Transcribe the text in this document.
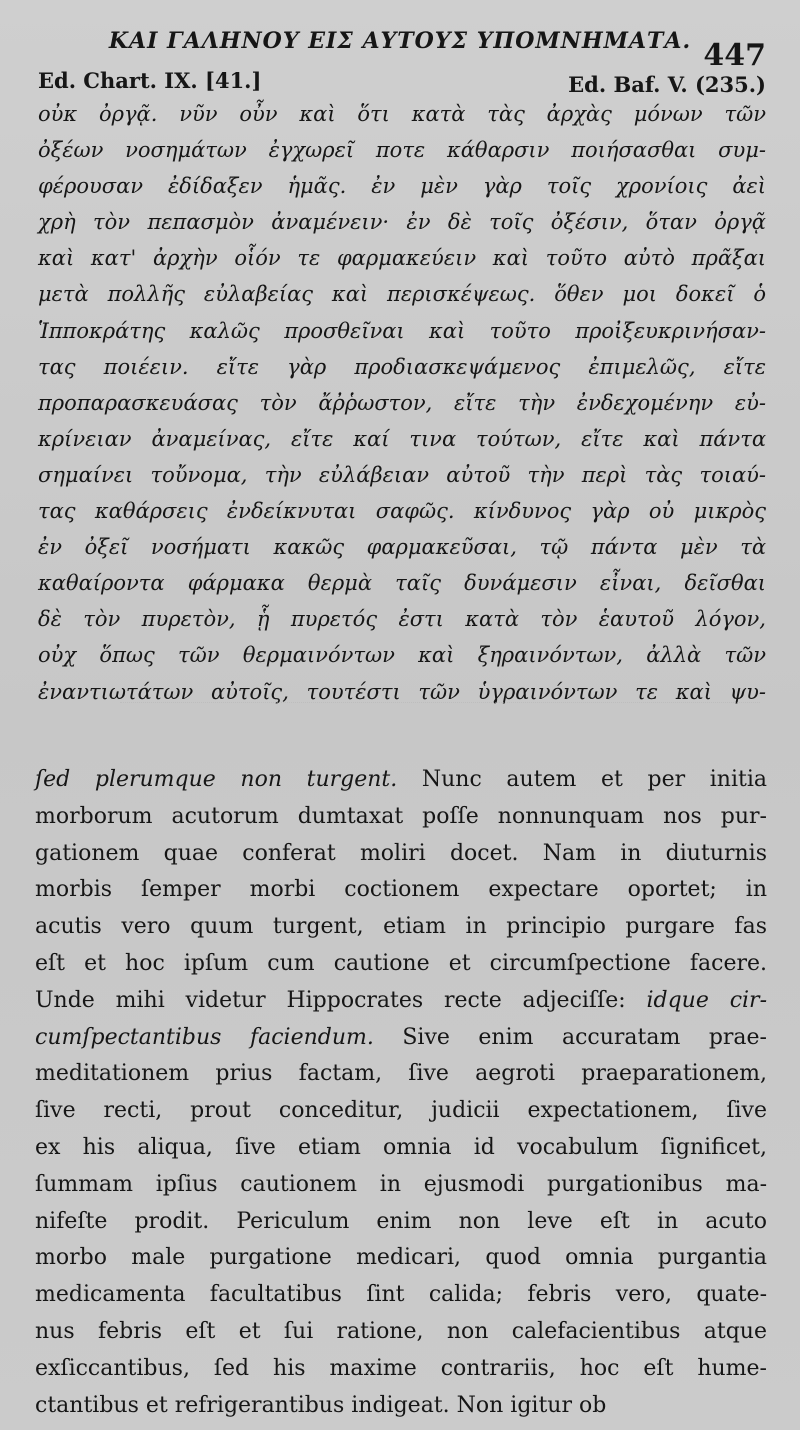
ΚΑΙ ΓΑΛΗΝΟΥ ΕΙΣ ΑΥΤΟΥΣ ΥΠΟΜΝΗΜΑΤΑ. 447
Ed. Chart. IX. [41.]	Ed. Baf. V. (235.)
οὐκ ὀργᾷ. νῦν οὖν καὶ ὅτι κατὰ τὰς ἀρχὰς μόνων τῶν
ὀξέων νοσημάτων ἐγχωρεῖ ποτε κάθαρσιν ποιήσασθαι συμ-
φέρουσαν ἐδίδαξεν ἡμᾶς. ἐν μὲν γὰρ τοῖς χρονίοις ἀεὶ
χρὴ τὸν πεπασμὸν ἀναμένειν· ἐν δὲ τοῖς ὀξέσιν, ὅταν ὀργᾷ
καὶ κατ' ἀρχὴν οἷόν τε φαρμακεύειν καὶ τοῦτο αὐτὸ πρᾶξαι
μετὰ πολλῆς εὐλαβείας καὶ περισκέψεως. ὅθεν μοι δοκεῖ ὁ
Ἱπποκράτης καλῶς προσθεῖναι καὶ τοῦτο προἰξευκρινήσαν-
τας ποιέειν. εἴτε γὰρ προδιασκεψάμενος ἐπιμελῶς, εἴτε
προπαρασκευάσας τὸν ἄῤῥωστον, εἴτε τὴν ἐνδεχομένην εὐ-
κρίνειαν ἀναμείνας, εἴτε καί τινα τούτων, εἴτε καὶ πάντα
σημαίνει τοὔνομα, τὴν εὐλάβειαν αὐτοῦ τὴν περὶ τὰς τοιαύ-
τας καθάρσεις ἐνδείκνυται σαφῶς. κίνδυνος γὰρ οὐ μικρὸς
ἐν ὀξεῖ νοσήματι κακῶς φαρμακεῦσαι, τῷ πάντα μὲν τὰ
καθαίροντα φάρμακα θερμὰ ταῖς δυνάμεσιν εἶναι, δεῖσθαι
δὲ τὸν πυρετὸν, ᾗ πυρετός ἐστι κατὰ τὸν ἑαυτοῦ λόγον,
οὐχ ὅπως τῶν θερμαινόντων καὶ ξηραινόντων, ἀλλὰ τῶν
ἐναντιωτάτων αὐτοῖς, τουτέστι τῶν ὑγραινόντων τε καὶ ψυ-
ſed plerumque non turgent. Nunc autem et per initia
morborum acutorum dumtaxat poſſe nonnunquam nos pur-
gationem quae conferat moliri docet. Nam in diuturnis
morbis ſemper morbi coctionem expectare oportet; in
acutis vero quum turgent, etiam in principio purgare fas
eſt et hoc ipſum cum cautione et circumſpectione facere.
Unde mihi videtur Hippocrates recte adjeciſſe: idque cir-
cumſpectantibus faciendum. Sive enim accuratam prae-
meditationem prius factam, ſive aegroti praeparationem,
ſive recti, prout conceditur, judicii expectationem, ſive
ex his aliqua, ſive etiam omnia id vocabulum ſignificet,
ſummam ipſius cautionem in ejusmodi purgationibus ma-
nifeſte prodit. Periculum enim non leve eſt in acuto
morbo male purgatione medicari, quod omnia purgantia
medicamenta facultatibus ſint calida; febris vero, quate-
nus febris eſt et ſui ratione, non calefacientibus atque
exſiccantibus, ſed his maxime contrariis, hoc eſt hume-
ctantibus et refrigerantibus indigeat. Non igitur ob
